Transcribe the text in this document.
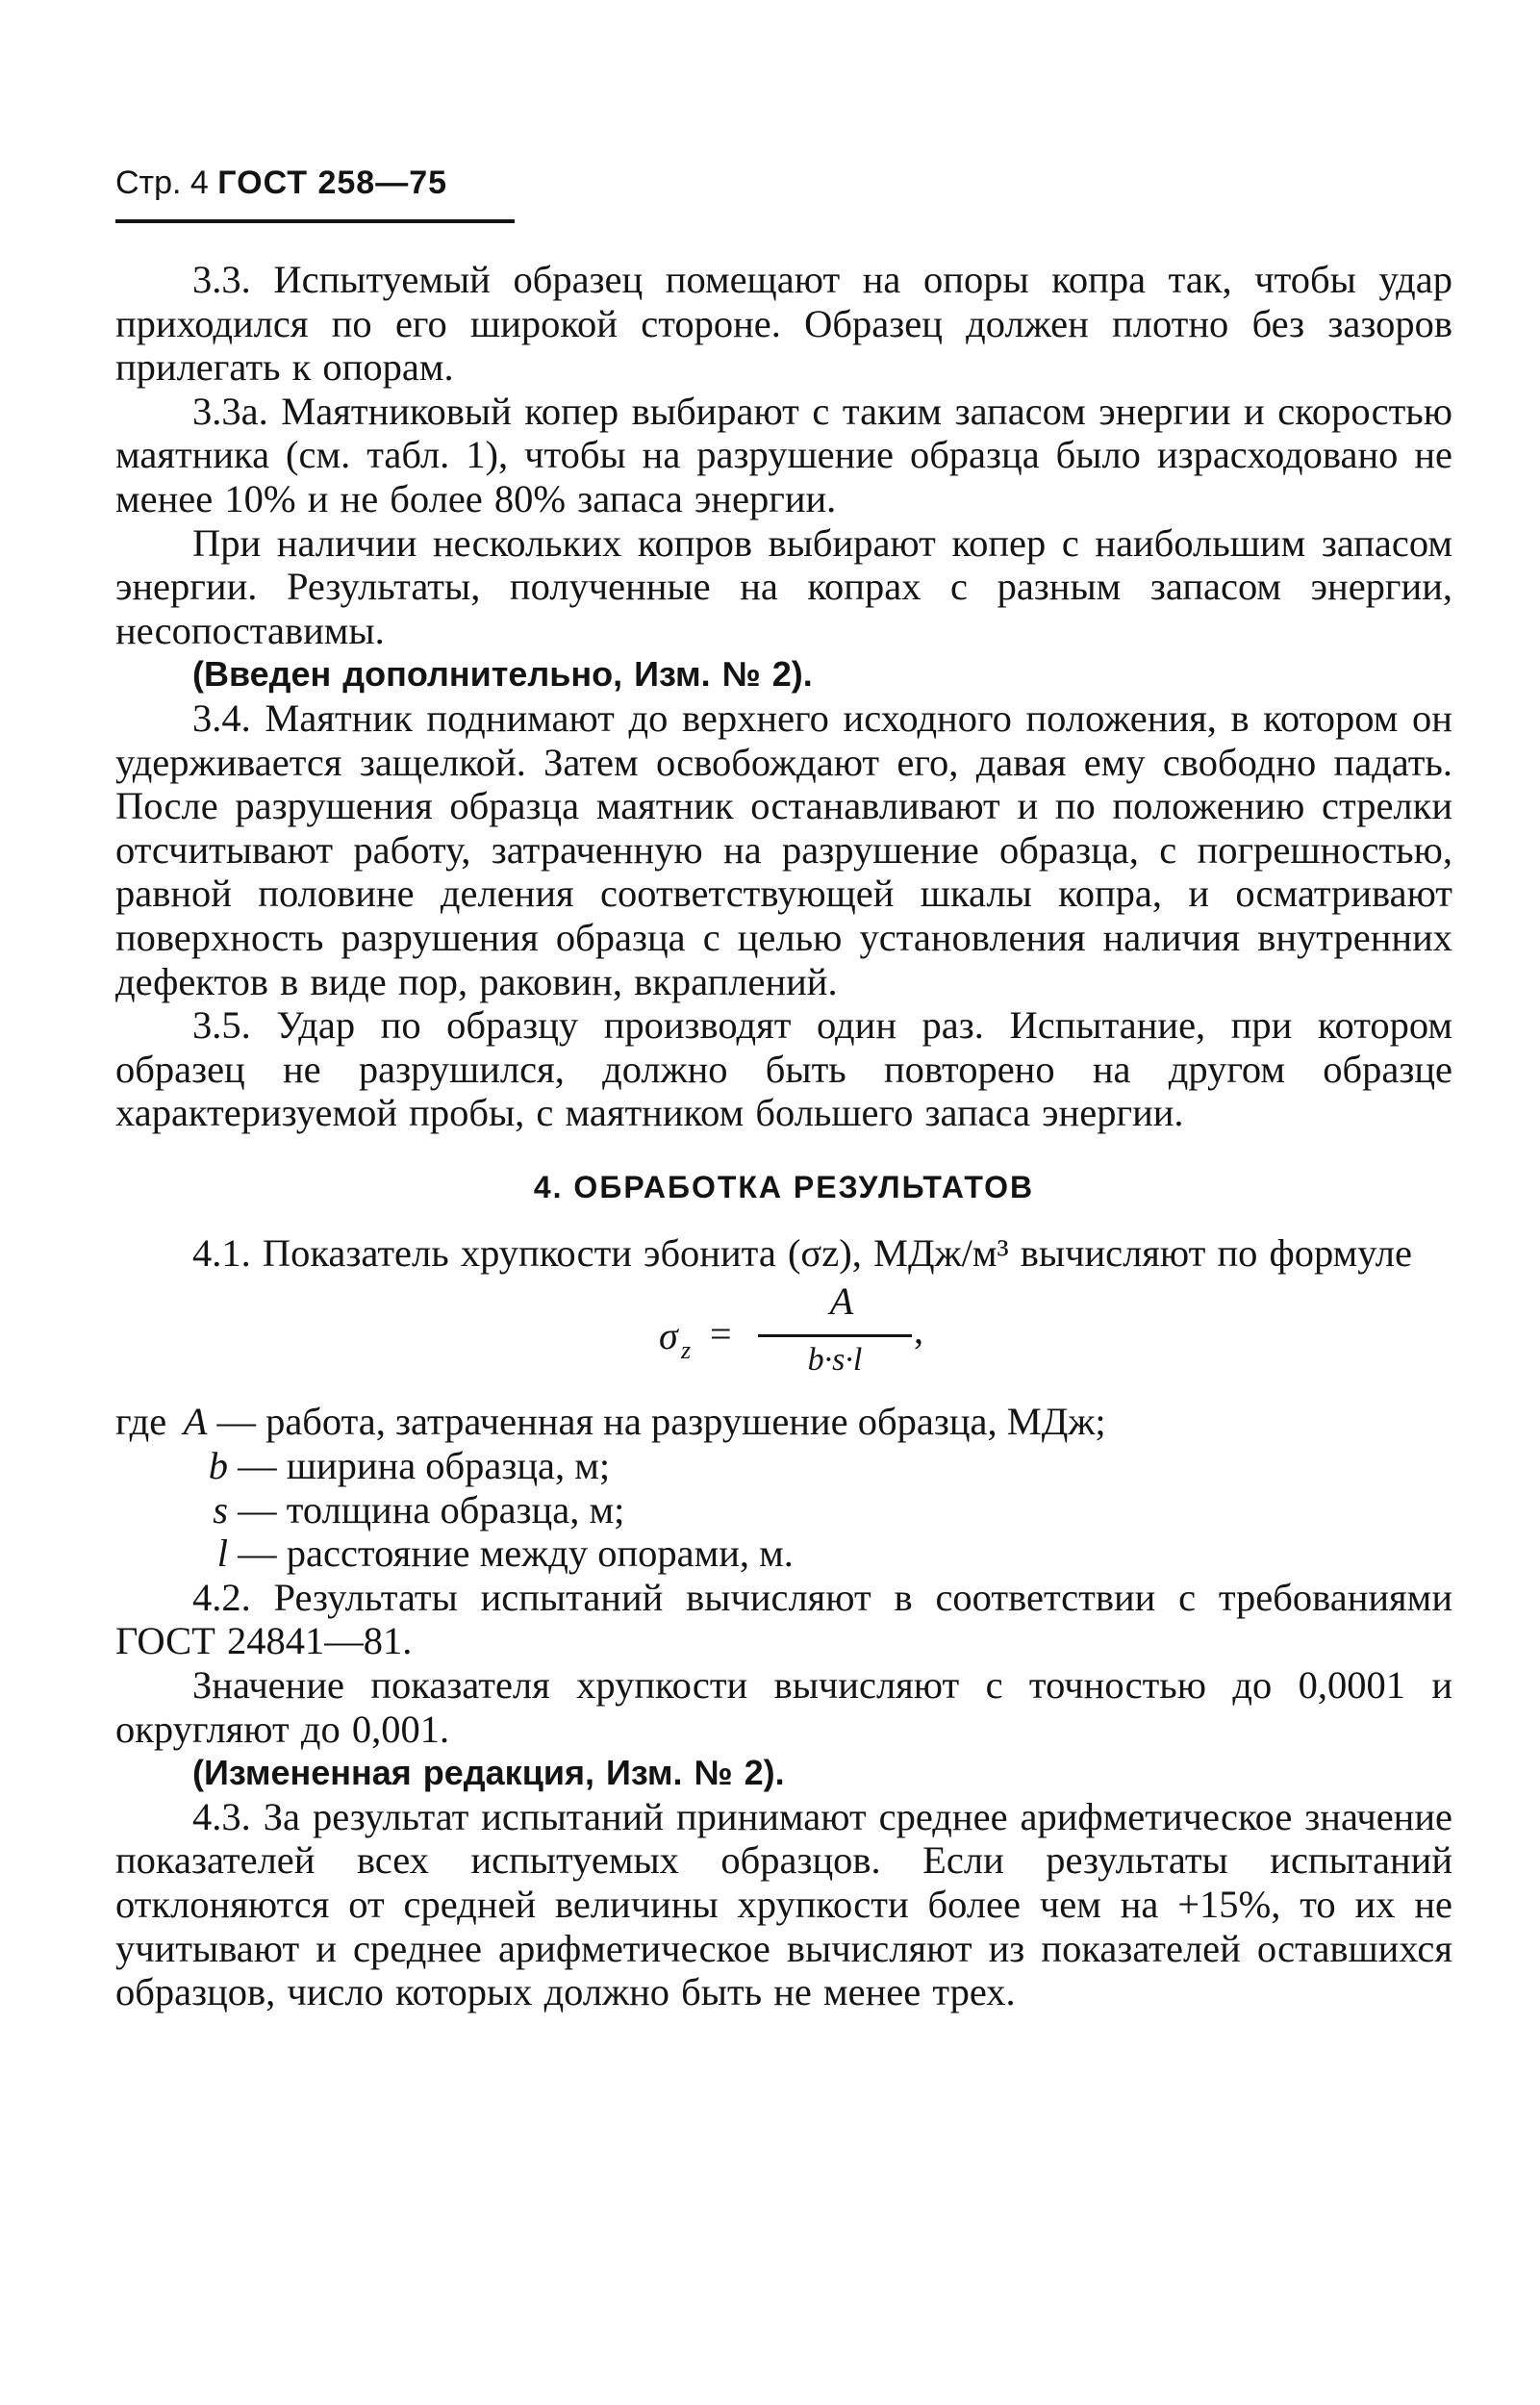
Стр. 4 ГОСТ 258—75

3.3. Испытуемый образец помещают на опоры копра так, чтобы удар приходился по его широкой стороне. Образец должен плотно без зазоров прилегать к опорам.

3.3а. Маятниковый копер выбирают с таким запасом энергии и скоростью маятника (см. табл. 1), чтобы на разрушение образца было израсходовано не менее 10% и не более 80% запаса энергии.

При наличии нескольких копров выбирают копер с наибольшим запасом энергии. Результаты, полученные на копрах с разным запасом энергии, несопоставимы.

(Введен дополнительно, Изм. № 2).

3.4. Маятник поднимают до верхнего исходного положения, в котором он удерживается защелкой. Затем освобождают его, давая ему свободно падать. После разрушения образца маятник останавливают и по положению стрелки отсчитывают работу, затраченную на разрушение образца, с погрешностью, равной половине деления соответствующей шкалы копра, и осматривают поверхность разрушения образца с целью установления наличия внутренних дефектов в виде пор, раковин, вкраплений.

3.5. Удар по образцу производят один раз. Испытание, при котором образец не разрушился, должно быть повторено на другом образце характеризуемой пробы, с маятником большего запаса энергии.

4. ОБРАБОТКА РЕЗУЛЬТАТОВ

4.1. Показатель хрупкости эбонита (σz), МДж/м³ вычисляют по формуле

σ z =
A
b·s·l
,
где A — работа, затраченная на разрушение образца, МДж;
b — ширина образца, м;
s — толщина образца, м;
l — расстояние между опорами, м.

4.2. Результаты испытаний вычисляют в соответствии с требованиями ГОСТ 24841—81.

Значение показателя хрупкости вычисляют с точностью до 0,0001 и округляют до 0,001.

(Измененная редакция, Изм. № 2).

4.3. За результат испытаний принимают среднее арифметическое значение показателей всех испытуемых образцов. Если результаты испытаний отклоняются от средней величины хрупкости более чем на +15%, то их не учитывают и среднее арифметическое вычисляют из показателей оставшихся образцов, число которых должно быть не менее трех.
